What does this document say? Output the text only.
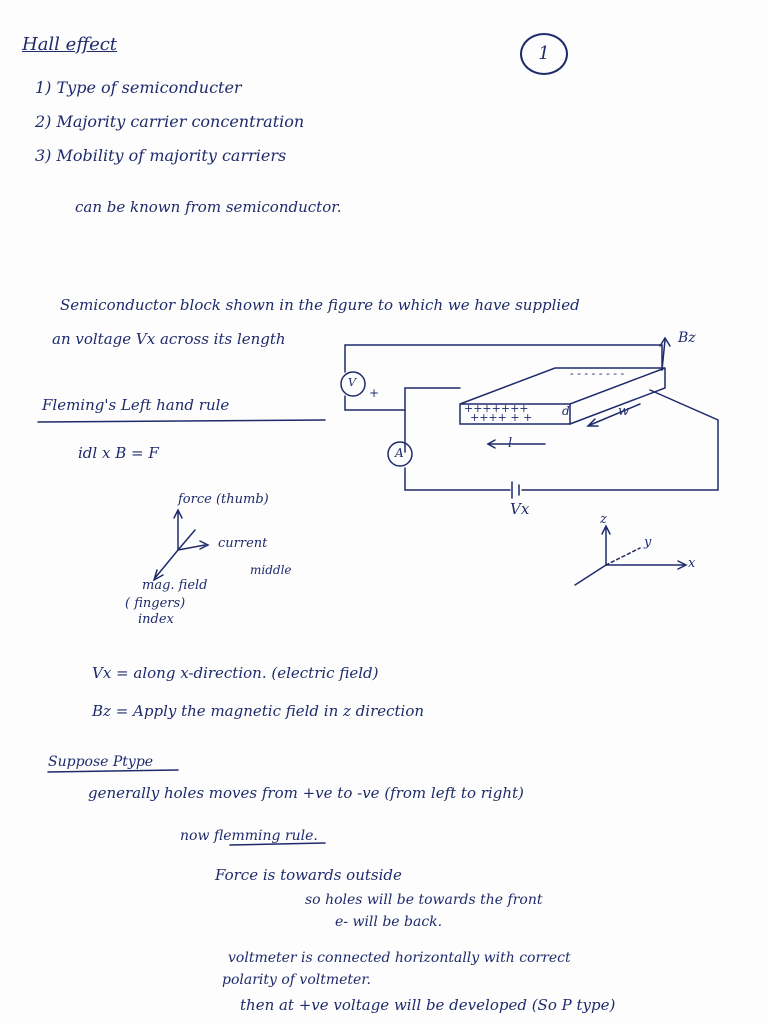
Hall effect	1
1) Type of semiconducter
2) Majority carrier concentration
3) Mobility of majority carriers
can be known from semiconductor.
Semiconductor block shown in the figure to which we have supplied
an voltage Vx across its length
Fleming's Left hand rule
idl x B = F
V
+
A
Bz
Vx
+++++++
++++ + +
- - - - - - - -
l
w
d
force (thumb)
current
middle
mag. field
( fingers)
index
z
y
x
Vx = along x-direction. (electric field)
Bz = Apply the magnetic field in z direction
Suppose Ptype
generally holes moves from +ve to -ve (from left to right)
now flemming rule.
Force is towards outside
so holes will be towards the front
e- will be back.
voltmeter is connected horizontally with correct
polarity of voltmeter.
then at +ve voltage will be developed (So P type)
